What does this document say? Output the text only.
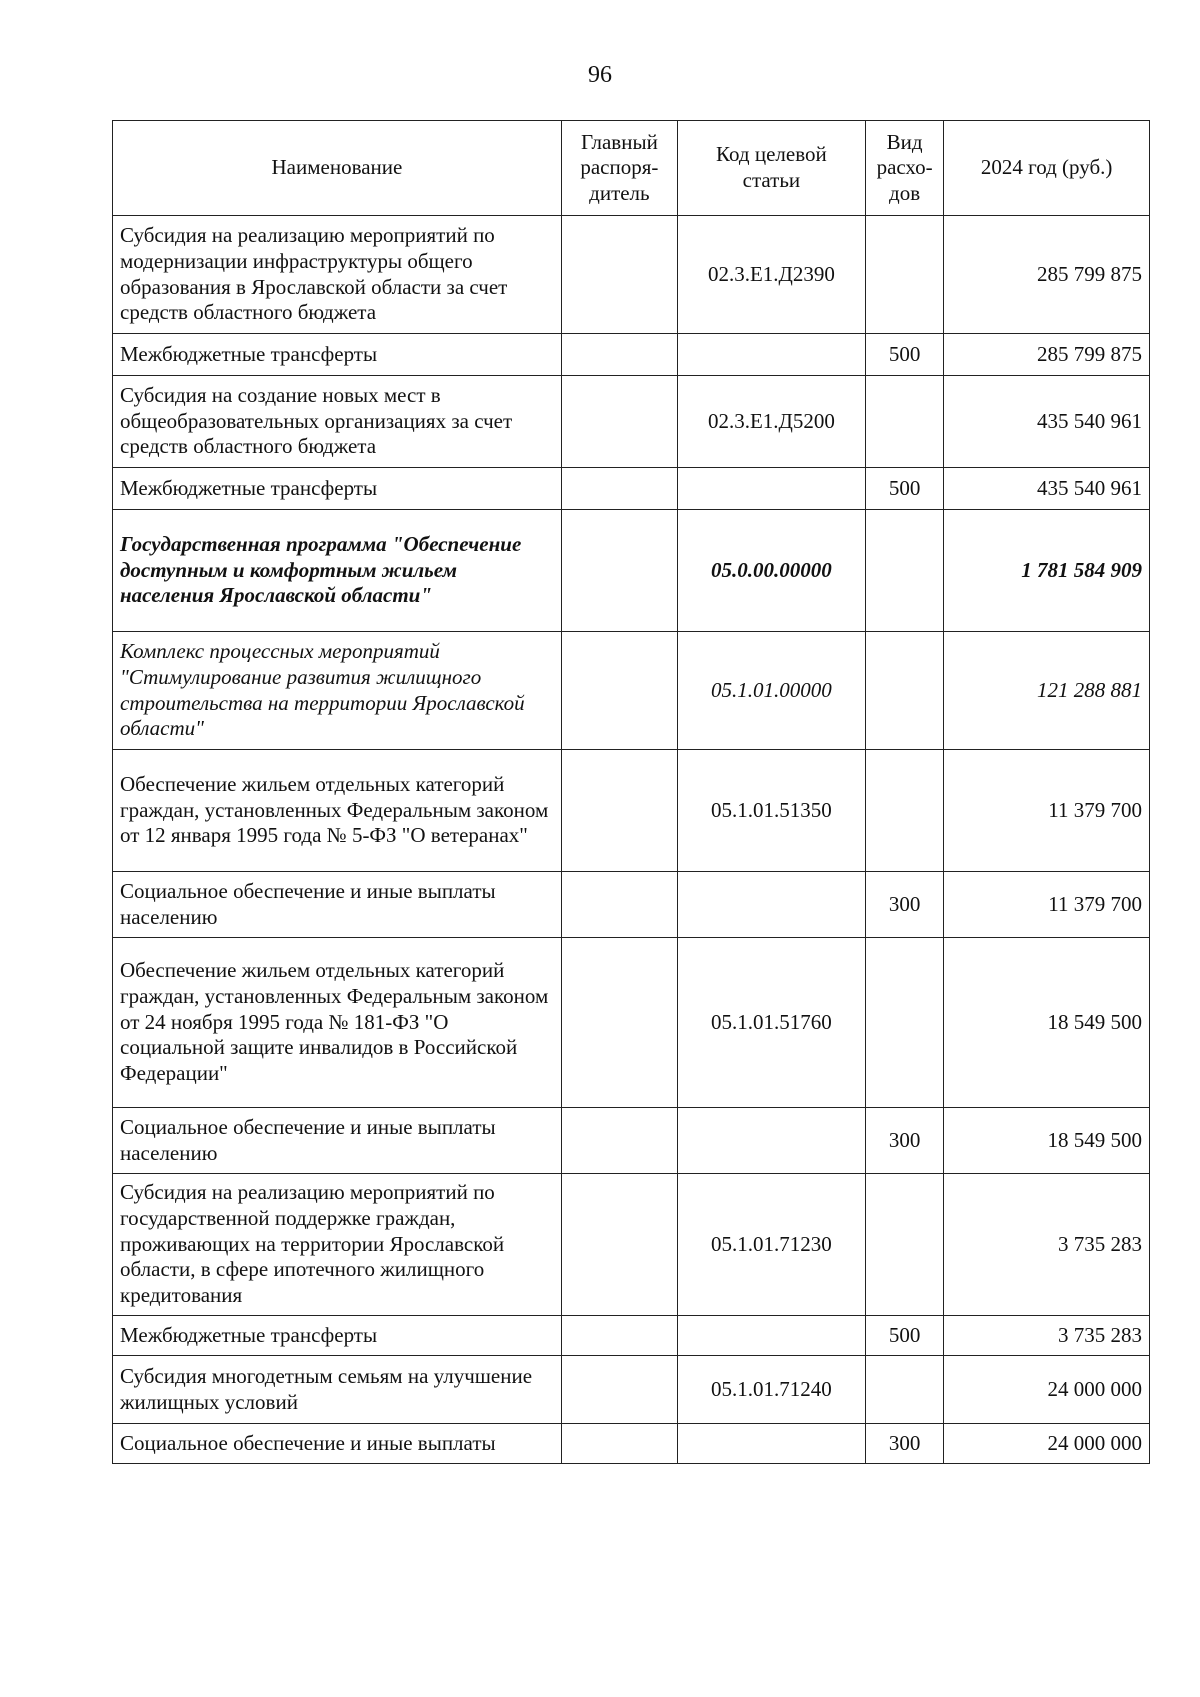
96
Наименование	Главный распоря-дитель	Код целевой статьи	Вид расхо-дов	2024 год (руб.)
Субсидия на реализацию мероприятий по модернизации инфраструктуры общего образования в Ярославской области за счет средств областного бюджета		02.3.Е1.Д2390		285 799 875
Межбюджетные трансферты			500	285 799 875
Субсидия на создание новых мест в общеобразовательных организациях за счет средств областного бюджета		02.3.Е1.Д5200		435 540 961
Межбюджетные трансферты			500	435 540 961
Государственная программа "Обеспечение доступным и комфортным жильем населения Ярославской области"		05.0.00.00000		1 781 584 909
Комплекс процессных мероприятий "Стимулирование развития жилищного строительства на территории Ярославской области"		05.1.01.00000		121 288 881
Обеспечение жильем отдельных категорий граждан, установленных Федеральным законом от 12 января 1995 года № 5-ФЗ "О ветеранах"		05.1.01.51350		11 379 700
Социальное обеспечение и иные выплаты населению			300	11 379 700
Обеспечение жильем отдельных категорий граждан, установленных Федеральным законом от 24 ноября 1995 года № 181-ФЗ "О социальной защите инвалидов в Российской Федерации"		05.1.01.51760		18 549 500
Социальное обеспечение и иные выплаты населению			300	18 549 500
Субсидия на реализацию мероприятий по государственной поддержке граждан, проживающих на территории Ярославской области, в сфере ипотечного жилищного кредитования		05.1.01.71230		3 735 283
Межбюджетные трансферты			500	3 735 283
Субсидия многодетным семьям на улучшение жилищных условий		05.1.01.71240		24 000 000
Социальное обеспечение и иные выплаты			300	24 000 000
